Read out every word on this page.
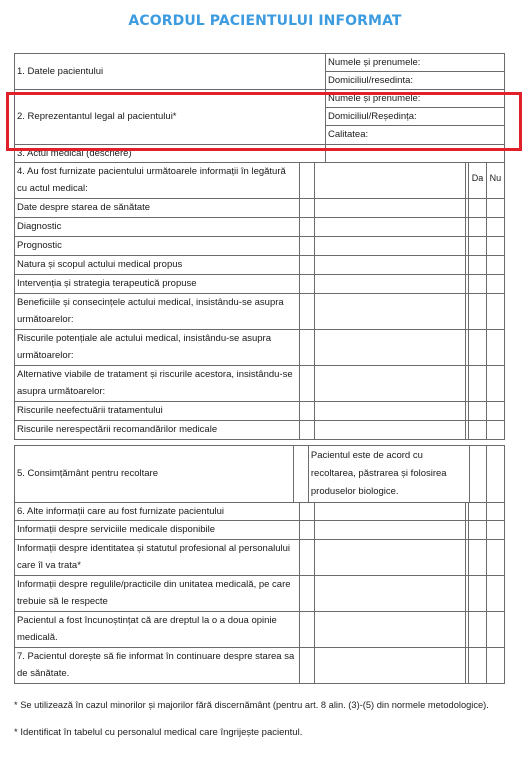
ACORDUL PACIENTULUI INFORMAT
1. Datele pacientului
Numele și prenumele:
Domiciliul/resedinta:
2. Reprezentantul legal al pacientului*
Numele și prenumele:
Domiciliul/Reședința:
Calitatea:
3. Actul medical (descriere)
4. Au fost furnizate pacientului următoarele informații în legătură cu actul medical:
Da Nu
Date despre starea de sănătate
Diagnostic
Prognostic
Natura și scopul actului medical propus
Intervenția și strategia terapeutică propuse
Beneficiile și consecințele actului medical, insistându-se asupra următoarelor:
Riscurile potențiale ale actului medical, insistându-se asupra următoarelor:
Alternative viabile de tratament și riscurile acestora, insistându-se asupra următoarelor:
Riscurile neefectuării tratamentului
Riscurile nerespectării recomandărilor medicale
5. Consimțământ pentru recoltare
Pacientul este de acord cu recoltarea, păstrarea și folosirea produselor biologice.
6. Alte informații care au fost furnizate pacientului
Informații despre serviciile medicale disponibile
Informații despre identitatea și statutul profesional al personalului care îl va trata*
Informații despre regulile/practicile din unitatea medicală, pe care trebuie să le respecte
Pacientul a fost încunoștințat că are dreptul la o a doua opinie medicală.
7. Pacientul dorește să fie informat în continuare despre starea sa de sănătate.
* Se utilizează în cazul minorilor și majorilor fără discernământ (pentru art. 8 alin. (3)-(5) din normele metodologice).
* Identificat în tabelul cu personalul medical care îngrijește pacientul.
